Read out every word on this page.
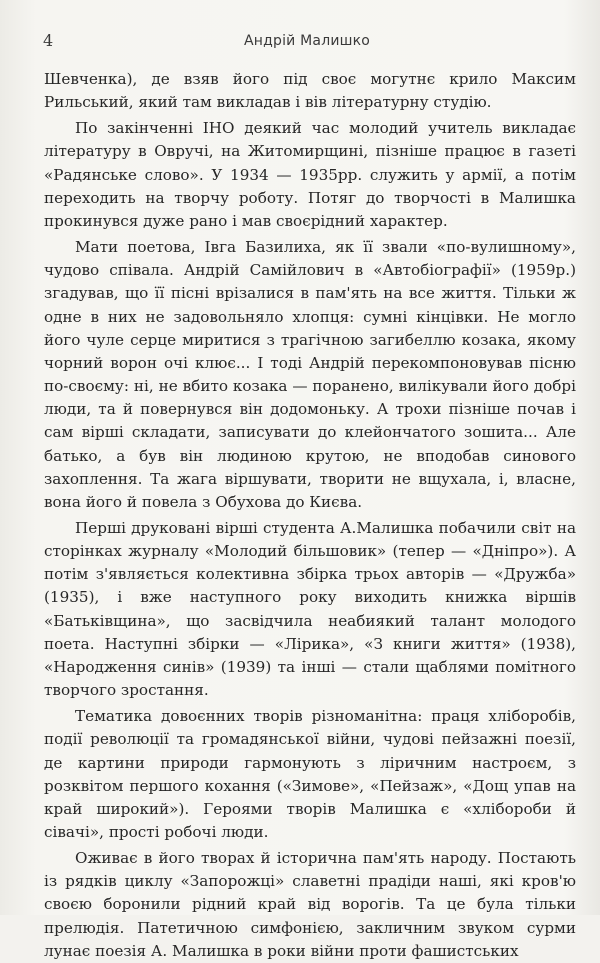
4	Андрій Малишко

Шевченка), де взяв його під своє могутнє крило Максим Рильський, який там викладав і вів літературну студію.

По закінченні ІНО деякий час молодий учитель викладає літературу в Овручі, на Житомирщині, пізніше працює в газеті «Радянське слово». У 1934 — 1935рр. служить у армії, а потім переходить на творчу роботу. Потяг до творчості в Малишка прокинувся дуже рано і мав своєрідний характер.

Мати поетова, Івга Базилиха, як її звали «по-вулишному», чудово співала. Андрій Самійлович в «Автобіографії» (1959р.) згадував, що її пісні врізалися в пам'ять на все життя. Тільки ж одне в них не задовольняло хлопця: сумні кінцівки. Не могло його чуле серце миритися з трагічною загибеллю козака, якому чорний ворон очі клює... І тоді Андрій перекомпоновував пісню по-своєму: ні, не вбито козака — поранено, вилікували його добрі люди, та й повернувся він додомоньку. А трохи пізніше почав і сам вірші складати, записувати до клейончатого зошита... Але батько, а був він людиною крутою, не вподобав синового захоплення. Та жага віршувати, творити не вщухала, і, власне, вона його й повела з Обухова до Києва.

Перші друковані вірші студента А.Малишка побачили світ на сторінках журналу «Молодий більшовик» (тепер — «Дніпро»). А потім з'являється колективна збірка трьох авторів — «Дружба» (1935), і вже наступного року виходить книжка віршів «Батьківщина», що засвідчила неабиякий талант молодого поета. Наступні збірки — «Лірика», «З книги життя» (1938), «Народження синів» (1939) та інші — стали щаблями помітного творчого зростання.

Тематика довоєнних творів різноманітна: праця хліборобів, події революції та громадянської війни, чудові пейзажні поезії, де картини природи гармонують з ліричним настроєм, з розквітом першого кохання («Зимове», «Пейзаж», «Дощ упав на край широкий»). Героями творів Малишка є «хлібороби й сівачі», прості робочі люди.

Оживає в його творах й історична пам'ять народу. Постають із рядків циклу «Запорожці» славетні прадіди наші, які кров'ю своєю боронили рідний край від ворогів. Та це була тільки прелюдія. Патетичною симфонією, закличним звуком сурми лунає поезія А. Малишка в роки війни проти фашистських
